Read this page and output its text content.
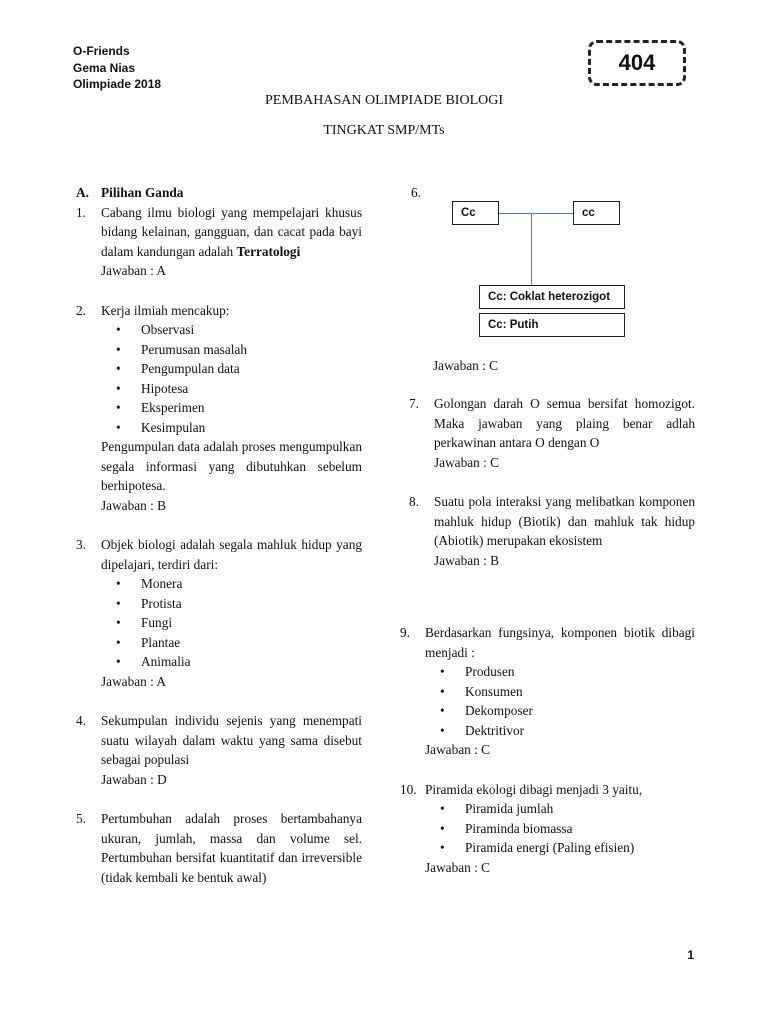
O-Friends
Gema Nias
Olimpiade 2018
404
PEMBAHASAN OLIMPIADE BIOLOGI
TINGKAT SMP/MTs
A. Pilihan Ganda
1. Cabang ilmu biologi yang mempelajari khusus bidang kelainan, gangguan, dan cacat pada bayi dalam kandungan adalah Terratologi
Jawaban : A
2. Kerja ilmiah mencakup:
• Observasi
• Perumusan masalah
• Pengumpulan data
• Hipotesa
• Eksperimen
• Kesimpulan
Pengumpulan data adalah proses mengumpulkan segala informasi yang dibutuhkan sebelum berhipotesa.
Jawaban : B
3. Objek biologi adalah segala mahluk hidup yang dipelajari, terdiri dari:
• Monera
• Protista
• Fungi
• Plantae
• Animalia
Jawaban : A
4. Sekumpulan individu sejenis yang menempati suatu wilayah dalam waktu yang sama disebut sebagai populasi
Jawaban : D
5. Pertumbuhan adalah proses bertambahanya ukuran, jumlah, massa dan volume sel. Pertumbuhan bersifat kuantitatif dan irreversible (tidak kembali ke bentuk awal)
6.
Cc	cc
Cc: Coklat heterozigot
Cc: Putih
Jawaban : C
7. Golongan darah O semua bersifat homozigot. Maka jawaban yang plaing benar adlah perkawinan antara O dengan O
Jawaban : C
8. Suatu pola interaksi yang melibatkan komponen mahluk hidup (Biotik) dan mahluk tak hidup (Abiotik) merupakan ekosistem
Jawaban : B
9. Berdasarkan fungsinya, komponen biotik dibagi menjadi :
• Produsen
• Konsumen
• Dekomposer
• Dektritivor
Jawaban : C
10. Piramida ekologi dibagi menjadi 3 yaitu,
• Piramida jumlah
• Piraminda biomassa
• Piramida energi (Paling efisien)
Jawaban : C
1
